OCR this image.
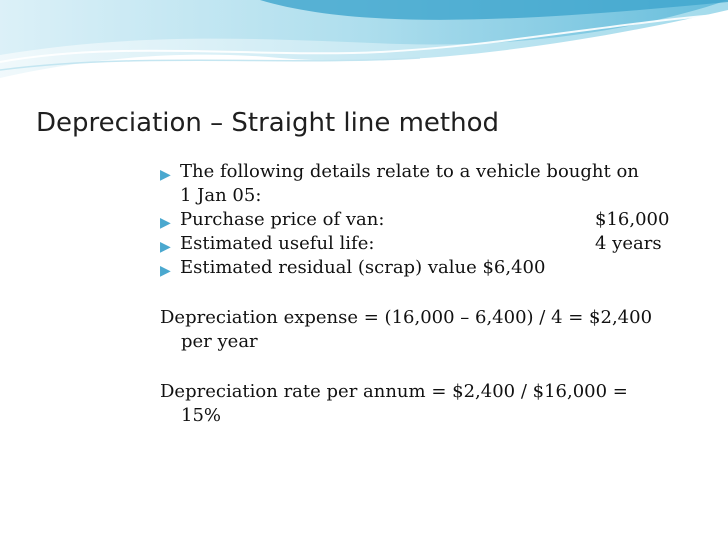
Depreciation – Straight line method
▶ The following details relate to a vehicle bought on
1 Jan 05:
▶ Purchase price of van:	$16,000
▶ Estimated useful life:	4 years
▶ Estimated residual (scrap) value $6,400
Depreciation expense = (16,000 – 6,400) / 4 = $2,400
per year
Depreciation rate per annum = $2,400 / $16,000 =
15%
